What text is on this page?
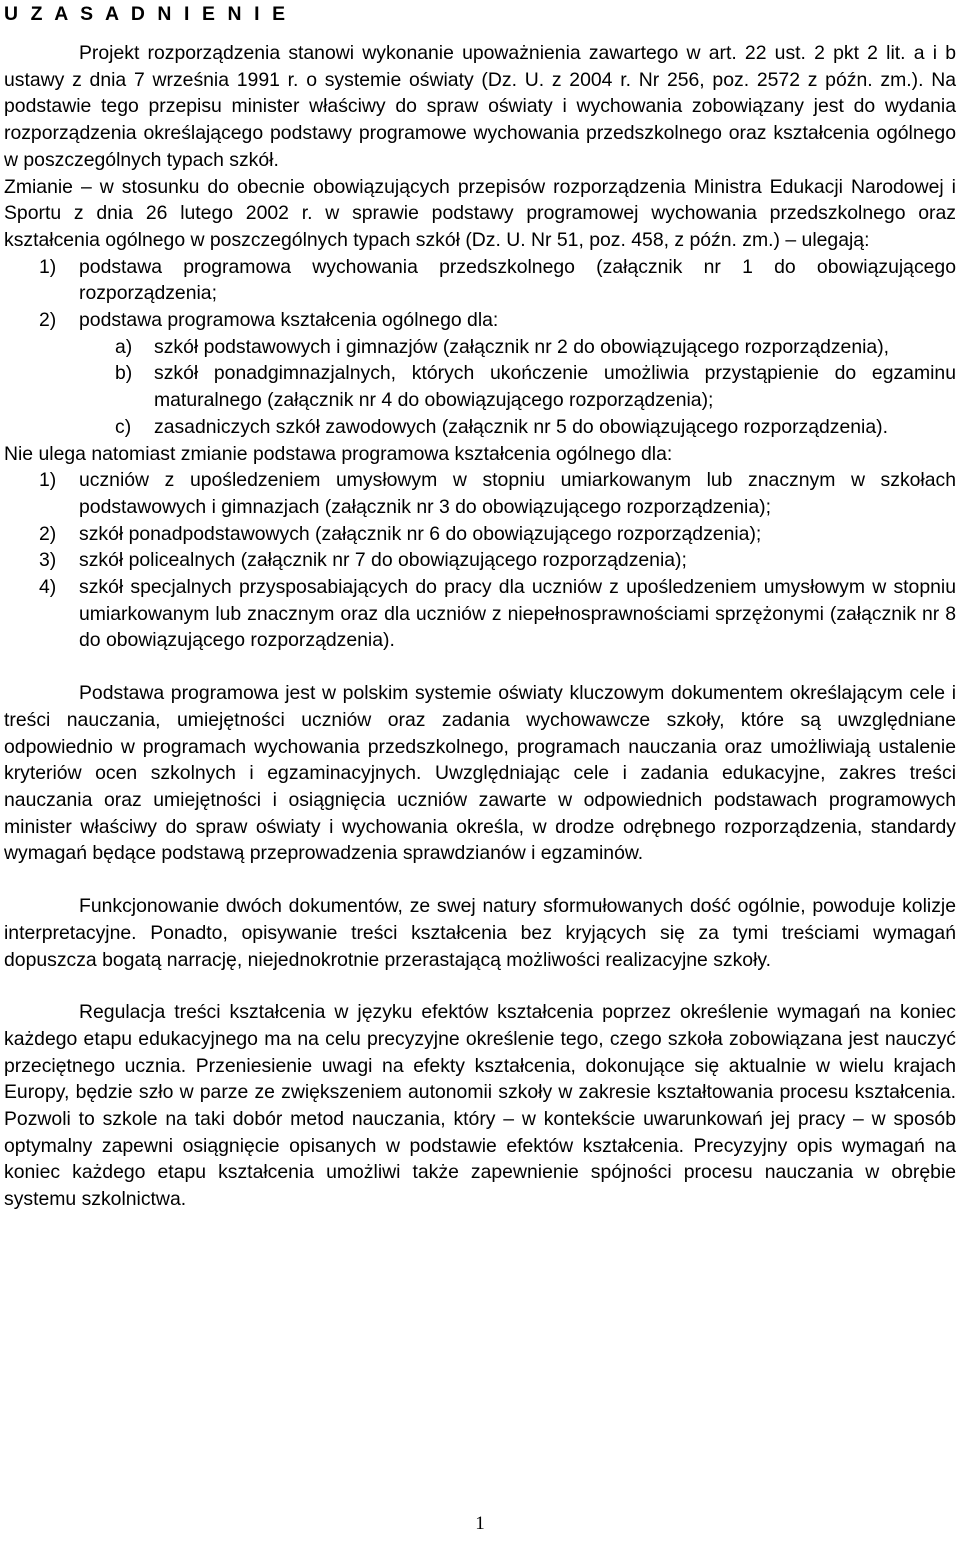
U Z A S A D N I E N I E

Projekt rozporządzenia stanowi wykonanie upoważnienia zawartego w art. 22 ust. 2 pkt 2 lit. a i b ustawy z dnia 7 września 1991 r. o systemie oświaty (Dz. U. z 2004 r. Nr 256, poz. 2572 z późn. zm.). Na podstawie tego przepisu minister właściwy do spraw oświaty i wychowania zobowiązany jest do wydania rozporządzenia określającego podstawy programowe wychowania przedszkolnego oraz kształcenia ogólnego w poszczególnych typach szkół.

Zmianie – w stosunku do obecnie obowiązujących przepisów rozporządzenia Ministra Edukacji Narodowej i Sportu z dnia 26 lutego 2002 r. w sprawie podstawy programowej wychowania przedszkolnego oraz kształcenia ogólnego w poszczególnych typach szkół (Dz. U. Nr 51, poz. 458, z późn. zm.) – ulegają:

1) podstawa programowa wychowania przedszkolnego (załącznik nr 1 do obowiązującego rozporządzenia;
2) podstawa programowa kształcenia ogólnego dla:
a) szkół podstawowych i gimnazjów (załącznik nr 2 do obowiązującego rozporządzenia),
b) szkół ponadgimnazjalnych, których ukończenie umożliwia przystąpienie do egzaminu maturalnego (załącznik nr 4 do obowiązującego rozporządzenia);
c) zasadniczych szkół zawodowych (załącznik nr 5 do obowiązującego rozporządzenia).

Nie ulega natomiast zmianie podstawa programowa kształcenia ogólnego dla:

1) uczniów z upośledzeniem umysłowym w stopniu umiarkowanym lub znacznym w szkołach podstawowych i gimnazjach (załącznik nr 3 do obowiązującego rozporządzenia);
2) szkół ponadpodstawowych (załącznik nr 6 do obowiązującego rozporządzenia);
3) szkół policealnych (załącznik nr 7 do obowiązującego rozporządzenia);
4) szkół specjalnych przysposabiających do pracy dla uczniów z upośledzeniem umysłowym w stopniu umiarkowanym lub znacznym oraz dla uczniów z niepełnosprawnościami sprzężonymi (załącznik nr 8 do obowiązującego rozporządzenia).

Podstawa programowa jest w polskim systemie oświaty kluczowym dokumentem określającym cele i treści nauczania, umiejętności uczniów oraz zadania wychowawcze szkoły, które są uwzględniane odpowiednio w programach wychowania przedszkolnego, programach nauczania oraz umożliwiają ustalenie kryteriów ocen szkolnych i egzaminacyjnych. Uwzględniając cele i zadania edukacyjne, zakres treści nauczania oraz umiejętności i osiągnięcia uczniów zawarte w odpowiednich podstawach programowych minister właściwy do spraw oświaty i wychowania określa, w drodze odrębnego rozporządzenia, standardy wymagań będące podstawą przeprowadzenia sprawdzianów i egzaminów.

Funkcjonowanie dwóch dokumentów, ze swej natury sformułowanych dość ogólnie, powoduje kolizje interpretacyjne. Ponadto, opisywanie treści kształcenia bez kryjących się za tymi treściami wymagań dopuszcza bogatą narrację, niejednokrotnie przerastającą możliwości realizacyjne szkoły.

Regulacja treści kształcenia w języku efektów kształcenia poprzez określenie wymagań na koniec każdego etapu edukacyjnego ma na celu precyzyjne określenie tego, czego szkoła zobowiązana jest nauczyć przeciętnego ucznia. Przeniesienie uwagi na efekty kształcenia, dokonujące się aktualnie w wielu krajach Europy, będzie szło w parze ze zwiększeniem autonomii szkoły w zakresie kształtowania procesu kształcenia. Pozwoli to szkole na taki dobór metod nauczania, który – w kontekście uwarunkowań jej pracy – w sposób optymalny zapewni osiągnięcie opisanych w podstawie efektów kształcenia. Precyzyjny opis wymagań na koniec każdego etapu kształcenia umożliwi także zapewnienie spójności procesu nauczania w obrębie systemu szkolnictwa.

1
